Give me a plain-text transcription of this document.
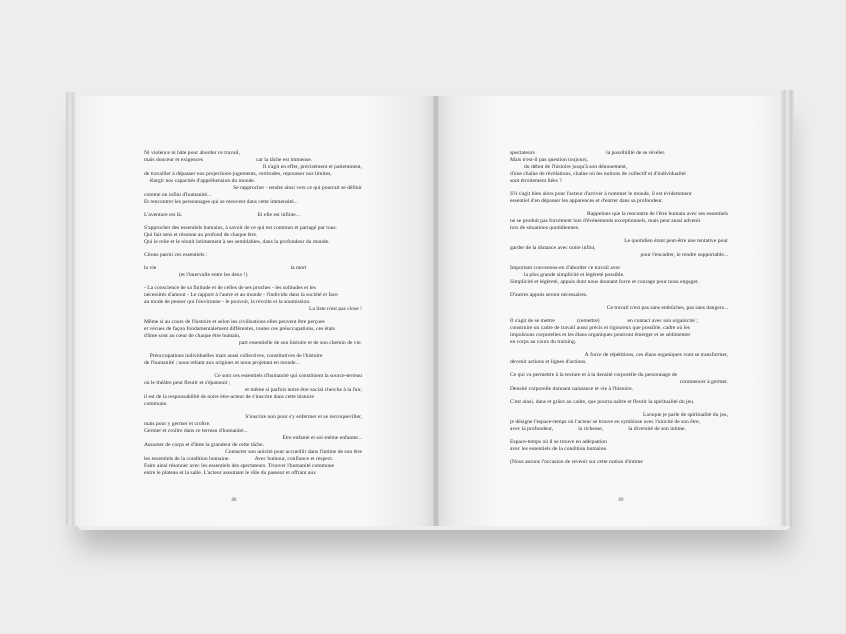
Ni violence ni hâte pour aborder ce travail,
mais douceur et exigences                                      car la tâche est immense.
Il s'agit en effet, précisément et patiemment,
de travailler à dépasser nos projections-jugements, certitudes, repousser nos limites,
élargir nos capacités d'appréhension du monde.
Se rapprocher - tendre ainsi vers ce qui pourrait se définir
comme un infini d'humanité...
Et rencontrer les personnages qui se meuvent dans cette immensité...
L'aventure est là.                                                      Et elle est infinie...
S'approcher des essentiels humains, à savoir de ce qui est commun et partagé par tous.
Qui fait sens et résonne au profond de chaque être.
Qui le relie et le réunit intimement à ses semblables, dans la profondeur du monde.
Citons parmi ces essentiels :
la vie                                                                                                la mort
(et l'intervalle entre les deux !)
- La conscience de sa finitude et de celles de ses proches - les solitudes et les
nécessités d'amour - Le rapport à l'autre et au monde - l'individu dans la société et face
au mode de penser qui l'environne - le pouvoir, la révolte et la soumission.
La liste n'est pas close !
Même si au cours de l'histoire et selon les civilisations elles peuvent être perçues
et vécues de façon fondamentalement différentes, toutes ces préoccupations, ces états
d'âme sont au cœur de chaque être humain,
part essentielle de son histoire et de son chemin de vie.
Préoccupations individuelles mais aussi collectives, constitutives de l'histoire
de l'humanité ; nous reliant aux origines et nous projetant en monde...
Ce sont ces essentiels d'humanité qui constituent la source-terreau
où le théâtre peut fleurir et s'épanouir ;
et même si parfois notre être social cherche à la fuir,
il est de la responsabilité de notre être-acteur de s'inscrire dans cette histoire
commune.
S'inscrire non pour s'y enfermer et se recroqueviller,
mais pour y germer et croître.
Germer et croître dans ce terreau d'humanité...
Être enfanté et soi-même enfanter...
Assumer de corps et d'âme la grandeur de cette tâche.
Contacter son unicité pour accueillir dans l'intime de son être
les essentiels de la condition humaine.                  Avec humour, confiance et respect.
Faire ainsi résonner avec les essentiels des spectateurs. Trouver l'humanité commune
entre le plateau et la salle. L'acteur assumant le rôle du passeur et offrant aux
88
spectateurs                                                   la possibilité de se révéler.
Mais n'est-il pas question toujours,
du début de l'histoire jusqu'à son dénouement,
d'une chaîne de révélations, chaîne où les notions de collectif et d'individualité
sont étroitement liées ?
S'il s'agit bien alors pour l'acteur d'arriver à nommer le monde, il est évidemment
essentiel d'en dépasser les apparences et d'entrer dans sa profondeur.
Rappelons que la rencontre de l'être humain avec ses essentiels
ne se produit pas forcément lors d'événements exceptionnels, mais peut aussi advenir
lors de situations quotidiennes.
Le quotidien étant peut-être une tentative pour
garder de la distance avec notre infini,
pour l'encadrer, le rendre supportable...
Important convenons-en d'aborder ce travail avec
la plus grande simplicité et légèreté possible.
Simplicité et légèreté, appuis dont nous donnant force et courage pour nous engager.
D'autres appuis seront nécessaires.
Ce travail n'est pas sans embûches, pas sans dangers...
Il s'agit de se mettre                (remettre)                    en contact avec son organicité ;
construire un cadre de travail aussi précis et rigoureux que possible, cadre où les
impulsions corporelles et les élans organiques pourront émerger et se sédimenter
en corps au cours du training.
À force de répétitions, ces élans organiques vont se transformer,
devenir actions et lignes d'actions.
Ce qui va permettre à la texture et à la densité corporelle du personnage de
commencer à germer.
Densité corporelle donnant naissance et vie à l'histoire.
C'est ainsi, dans et grâce au cadre, que pourra naître et fleurir la spiritualité du jeu.
Lorsque je parle de spiritualité du jeu,
je désigne l'espace-temps où l'acteur se trouve en symbiose avec l'unicité de son être,
avec la profondeur,                  la richesse,                  la diversité de son intime.
Espace-temps où il se trouve en adéquation
avec les essentiels de la condition humaine.
(Nous aurons l'occasion de revenir sur cette notion d'intime
89
